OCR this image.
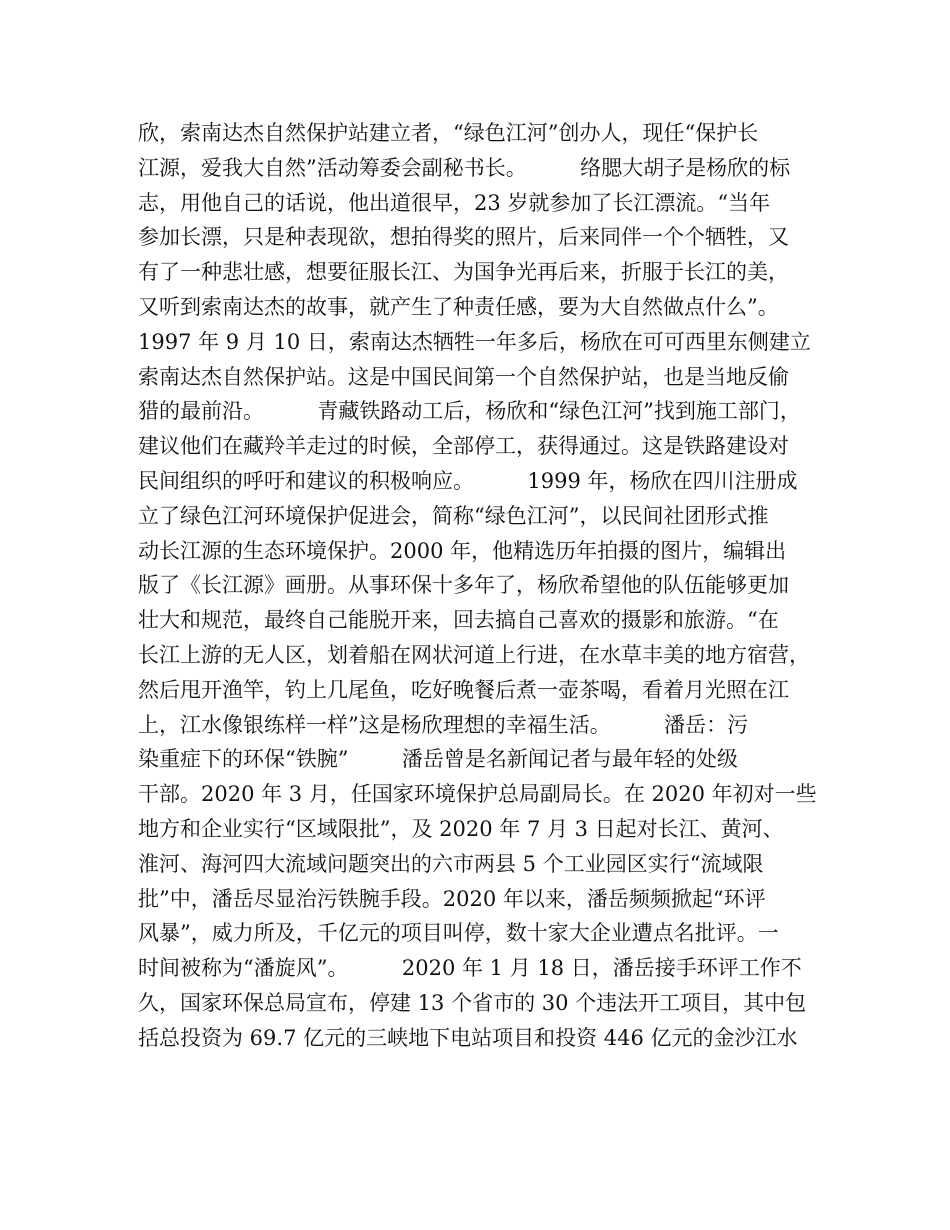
欣，索南达杰自然保护站建立者，“绿色江河”创办人，现任“保护长
江源，爱我大自然”活动筹委会副秘书长。        络腮大胡子是杨欣的标
志，用他自己的话说，他出道很早，23 岁就参加了长江漂流。“当年
参加长漂，只是种表现欲，想拍得奖的照片，后来同伴一个个牺牲，又
有了一种悲壮感，想要征服长江、为国争光再后来，折服于长江的美，
又听到索南达杰的故事，就产生了种责任感，要为大自然做点什么”。
1997 年 9 月 10 日，索南达杰牺牲一年多后，杨欣在可可西里东侧建立
索南达杰自然保护站。这是中国民间第一个自然保护站，也是当地反偷
猎的最前沿。        青藏铁路动工后，杨欣和“绿色江河”找到施工部门，
建议他们在藏羚羊走过的时候，全部停工，获得通过。这是铁路建设对
民间组织的呼吁和建议的积极响应。        1999 年，杨欣在四川注册成
立了绿色江河环境保护促进会，简称“绿色江河”，以民间社团形式推
动长江源的生态环境保护。2000 年，他精选历年拍摄的图片，编辑出
版了《长江源》画册。从事环保十多年了，杨欣希望他的队伍能够更加
壮大和规范，最终自己能脱开来，回去搞自己喜欢的摄影和旅游。“在
长江上游的无人区，划着船在网状河道上行进，在水草丰美的地方宿营，
然后甩开渔竿，钓上几尾鱼，吃好晚餐后煮一壶茶喝，看着月光照在江
上，江水像银练样一样”这是杨欣理想的幸福生活。        潘岳：污
染重症下的环保“铁腕”        潘岳曾是名新闻记者与最年轻的处级
干部。2020 年 3 月，任国家环境保护总局副局长。在 2020 年初对一些
地方和企业实行“区域限批”，及 2020 年 7 月 3 日起对长江、黄河、
淮河、海河四大流域问题突出的六市两县 5 个工业园区实行“流域限
批”中，潘岳尽显治污铁腕手段。2020 年以来，潘岳频频掀起“环评
风暴”，威力所及，千亿元的项目叫停，数十家大企业遭点名批评。一
时间被称为“潘旋风”。        2020 年 1 月 18 日，潘岳接手环评工作不
久，国家环保总局宣布，停建 13 个省市的 30 个违法开工项目，其中包
括总投资为 69.7 亿元的三峡地下电站项目和投资 446 亿元的金沙江水
